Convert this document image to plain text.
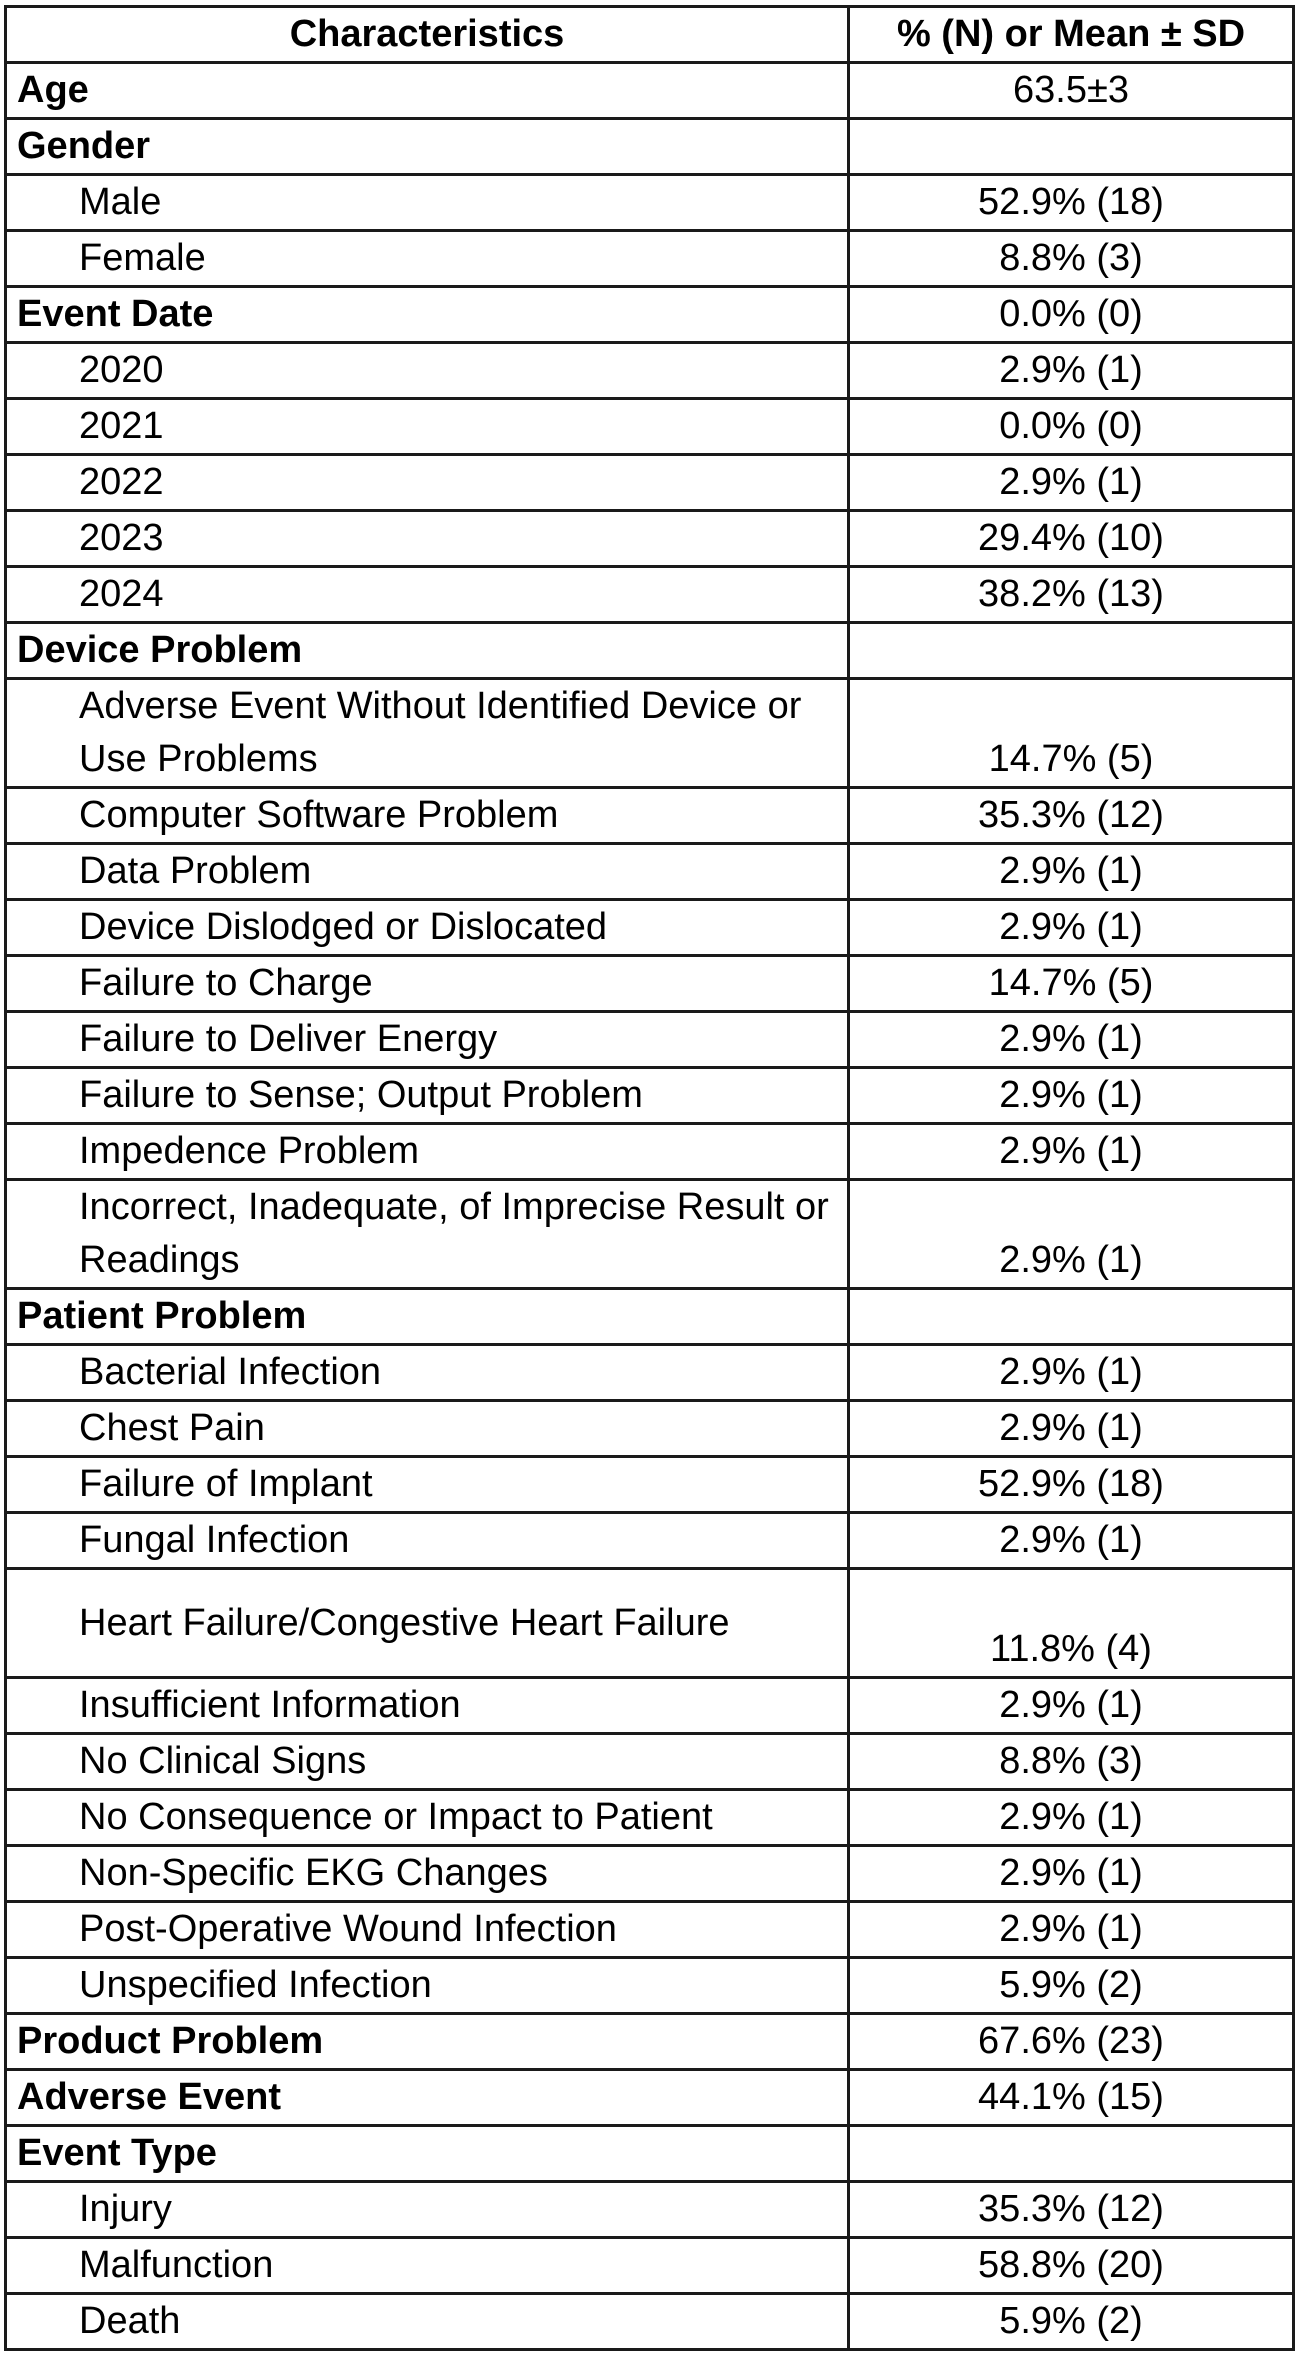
Characteristics	% (N) or Mean ± SD
Age	63.5±3
Gender	
Male	52.9% (18)
Female	8.8% (3)
Event Date	0.0% (0)
2020	2.9% (1)
2021	0.0% (0)
2022	2.9% (1)
2023	29.4% (10)
2024	38.2% (13)
Device Problem	
Adverse Event Without Identified Device or Use Problems	14.7% (5)
Computer Software Problem	35.3% (12)
Data Problem	2.9% (1)
Device Dislodged or Dislocated	2.9% (1)
Failure to Charge	14.7% (5)
Failure to Deliver Energy	2.9% (1)
Failure to Sense; Output Problem	2.9% (1)
Impedence Problem	2.9% (1)
Incorrect, Inadequate, of Imprecise Result or Readings	2.9% (1)
Patient Problem	
Bacterial Infection	2.9% (1)
Chest Pain	2.9% (1)
Failure of Implant	52.9% (18)
Fungal Infection	2.9% (1)
Heart Failure/Congestive Heart Failure	11.8% (4)
Insufficient Information	2.9% (1)
No Clinical Signs	8.8% (3)
No Consequence or Impact to Patient	2.9% (1)
Non-Specific EKG Changes	2.9% (1)
Post-Operative Wound Infection	2.9% (1)
Unspecified Infection	5.9% (2)
Product Problem	67.6% (23)
Adverse Event	44.1% (15)
Event Type	
Injury	35.3% (12)
Malfunction	58.8% (20)
Death	5.9% (2)
